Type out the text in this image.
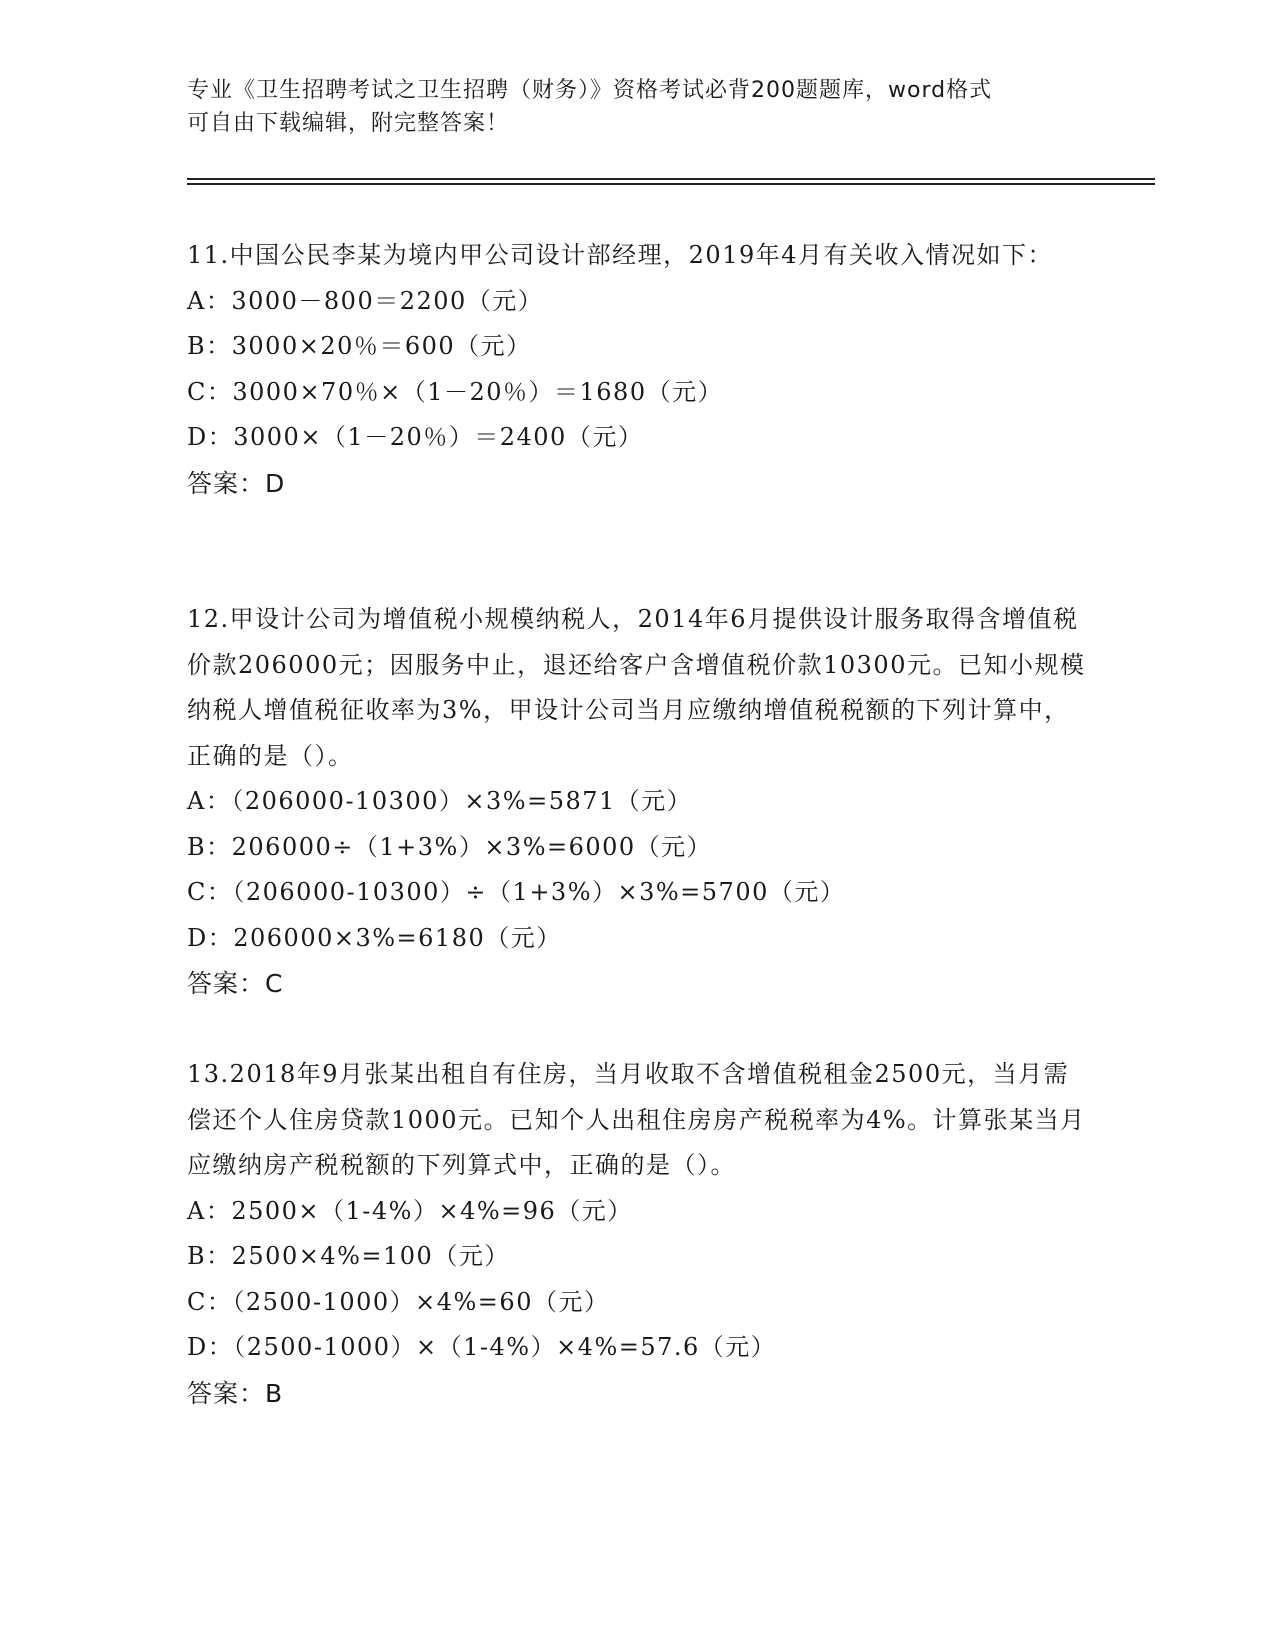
专业《卫生招聘考试之卫生招聘（财务）》资格考试必背200题题库，word格式
可自由下载编辑，附完整答案！
11.中国公民李某为境内甲公司设计部经理，2019年4月有关收入情况如下：
A：3000－800＝2200（元）
B：3000×20％＝600（元）
C：3000×70％×（1－20％）＝1680（元）
D：3000×（1－20％）＝2400（元）
答案：D
12.甲设计公司为增值税小规模纳税人，2014年6月提供设计服务取得含增值税价款206000元；因服务中止，退还给客户含增值税价款10300元。已知小规模纳税人增值税征收率为3%，甲设计公司当月应缴纳增值税税额的下列计算中，正确的是（）。
A：（206000-10300）×3%=5871（元）
B：206000÷（1+3%）×3%=6000（元）
C：（206000-10300）÷（1+3%）×3%=5700（元）
D：206000×3%=6180（元）
答案：C
13.2018年9月张某出租自有住房，当月收取不含增值税租金2500元，当月需偿还个人住房贷款1000元。已知个人出租住房房产税税率为4%。计算张某当月应缴纳房产税税额的下列算式中，正确的是（）。
A：2500×（1-4%）×4%=96（元）
B：2500×4%=100（元）
C：（2500-1000）×4%=60（元）
D：（2500-1000）×（1-4%）×4%=57.6（元）
答案：B
